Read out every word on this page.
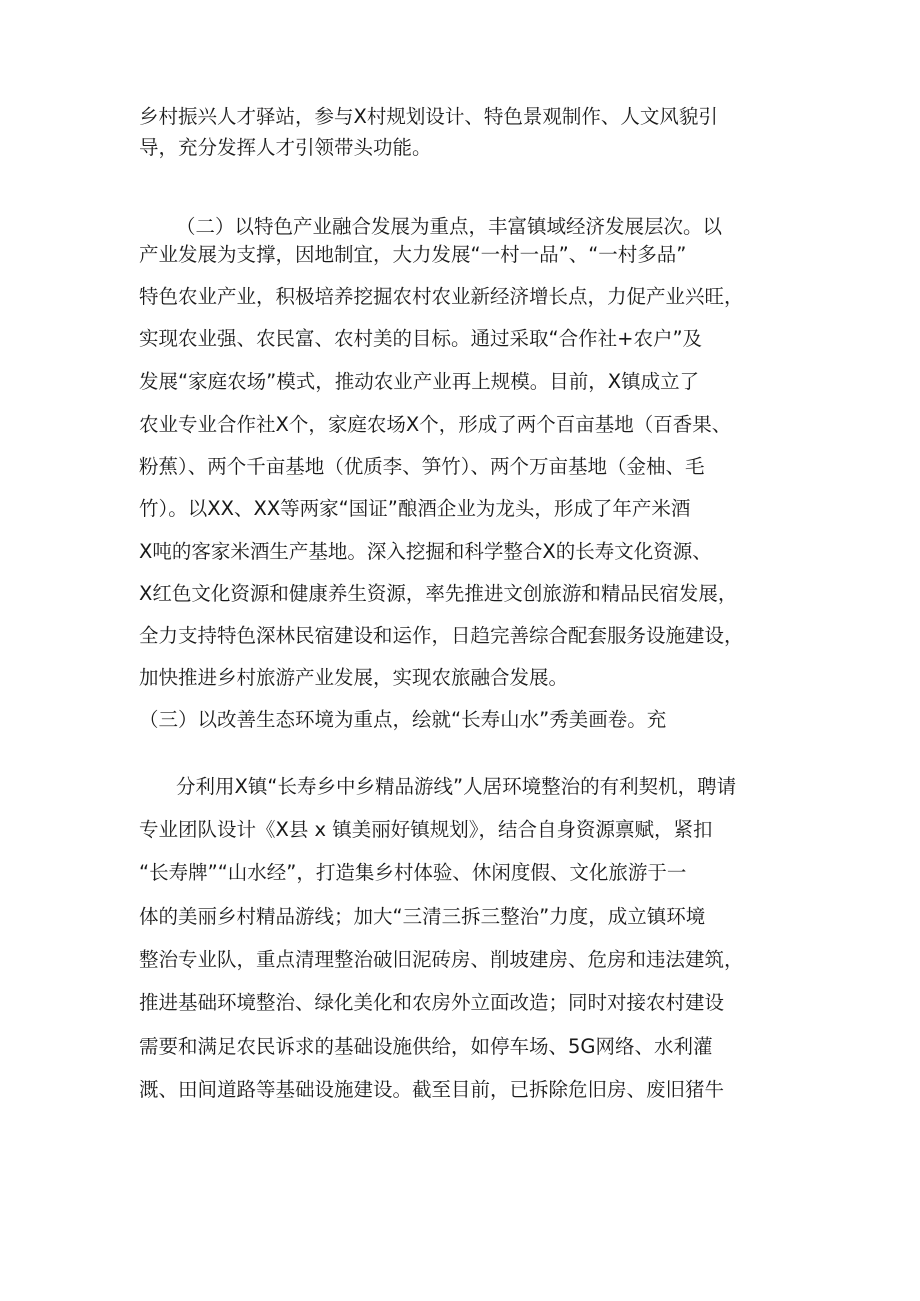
乡村振兴人才驿站，参与X村规划设计、特色景观制作、人文风貌引

导，充分发挥人才引领带头功能。

（二）以特色产业融合发展为重点，丰富镇域经济发展层次。以

产业发展为支撑，因地制宜，大力发展“一村一品”、“一村多品”

特色农业产业，积极培养挖掘农村农业新经济增长点，力促产业兴旺，

实现农业强、农民富、农村美的目标。通过采取“合作社+农户”及

发展“家庭农场”模式，推动农业产业再上规模。目前，X镇成立了

农业专业合作社X个，家庭农场X个，形成了两个百亩基地（百香果、

粉蕉）、两个千亩基地（优质李、笋竹）、两个万亩基地（金柚、毛

竹）。以XX、XX等两家“国证”酿酒企业为龙头，形成了年产米酒

X吨的客家米酒生产基地。深入挖掘和科学整合X的长寿文化资源、

X红色文化资源和健康养生资源，率先推进文创旅游和精品民宿发展，

全力支持特色深林民宿建设和运作，日趋完善综合配套服务设施建设，

加快推进乡村旅游产业发展，实现农旅融合发展。

（三）以改善生态环境为重点，绘就“长寿山水”秀美画卷。充

分利用X镇“长寿乡中乡精品游线”人居环境整治的有利契机，聘请

专业团队设计《X县 x 镇美丽好镇规划》，结合自身资源禀赋，紧扣

“长寿牌”“山水经”，打造集乡村体验、休闲度假、文化旅游于一

体的美丽乡村精品游线；加大“三清三拆三整治”力度，成立镇环境

整治专业队，重点清理整治破旧泥砖房、削坡建房、危房和违法建筑，

推进基础环境整治、绿化美化和农房外立面改造；同时对接农村建设

需要和满足农民诉求的基础设施供给，如停车场、5G网络、水利灌

溉、田间道路等基础设施建设。截至目前，已拆除危旧房、废旧猪牛
